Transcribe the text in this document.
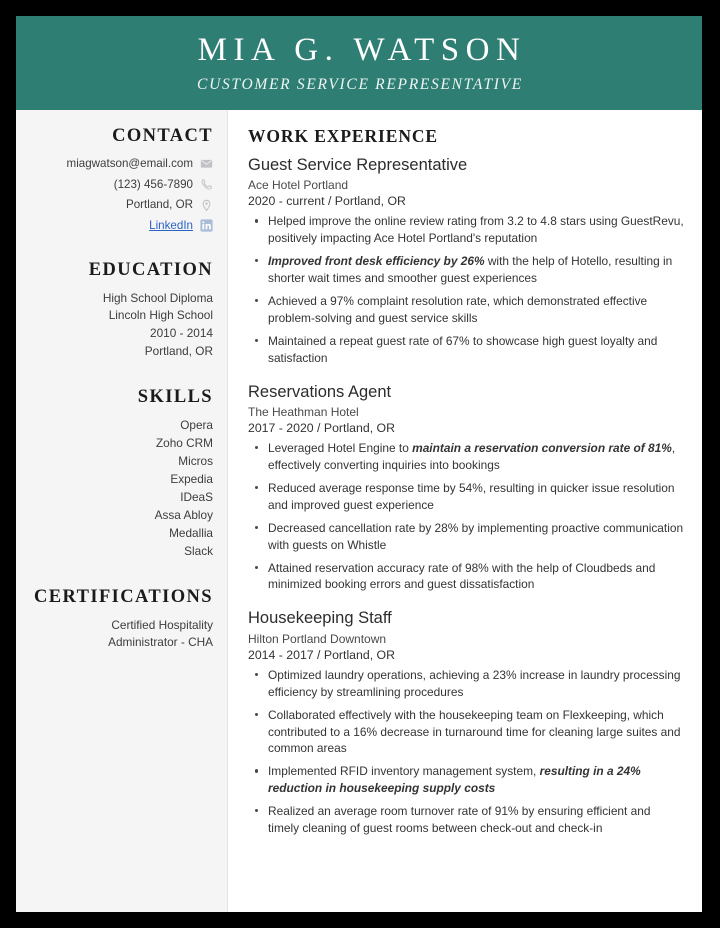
MIA G. WATSON
CUSTOMER SERVICE REPRESENTATIVE
CONTACT
miagwatson@email.com
(123) 456-7890
Portland, OR
LinkedIn
EDUCATION
High School Diploma
Lincoln High School
2010 - 2014
Portland, OR
SKILLS
Opera
Zoho CRM
Micros
Expedia
IDeaS
Assa Abloy
Medallia
Slack
CERTIFICATIONS
Certified Hospitality
Administrator - CHA
WORK EXPERIENCE
Guest Service Representative
Ace Hotel Portland
2020 - current / Portland, OR
Helped improve the online review rating from 3.2 to 4.8 stars using GuestRevu, positively impacting Ace Hotel Portland's reputation
Improved front desk efficiency by 26% with the help of Hotello, resulting in shorter wait times and smoother guest experiences
Achieved a 97% complaint resolution rate, which demonstrated effective problem-solving and guest service skills
Maintained a repeat guest rate of 67% to showcase high guest loyalty and satisfaction
Reservations Agent
The Heathman Hotel
2017 - 2020 / Portland, OR
Leveraged Hotel Engine to maintain a reservation conversion rate of 81%, effectively converting inquiries into bookings
Reduced average response time by 54%, resulting in quicker issue resolution and improved guest experience
Decreased cancellation rate by 28% by implementing proactive communication with guests on Whistle
Attained reservation accuracy rate of 98% with the help of Cloudbeds and minimized booking errors and guest dissatisfaction
Housekeeping Staff
Hilton Portland Downtown
2014 - 2017 / Portland, OR
Optimized laundry operations, achieving a 23% increase in laundry processing efficiency by streamlining procedures
Collaborated effectively with the housekeeping team on Flexkeeping, which contributed to a 16% decrease in turnaround time for cleaning large suites and common areas
Implemented RFID inventory management system, resulting in a 24% reduction in housekeeping supply costs
Realized an average room turnover rate of 91% by ensuring efficient and timely cleaning of guest rooms between check-out and check-in
